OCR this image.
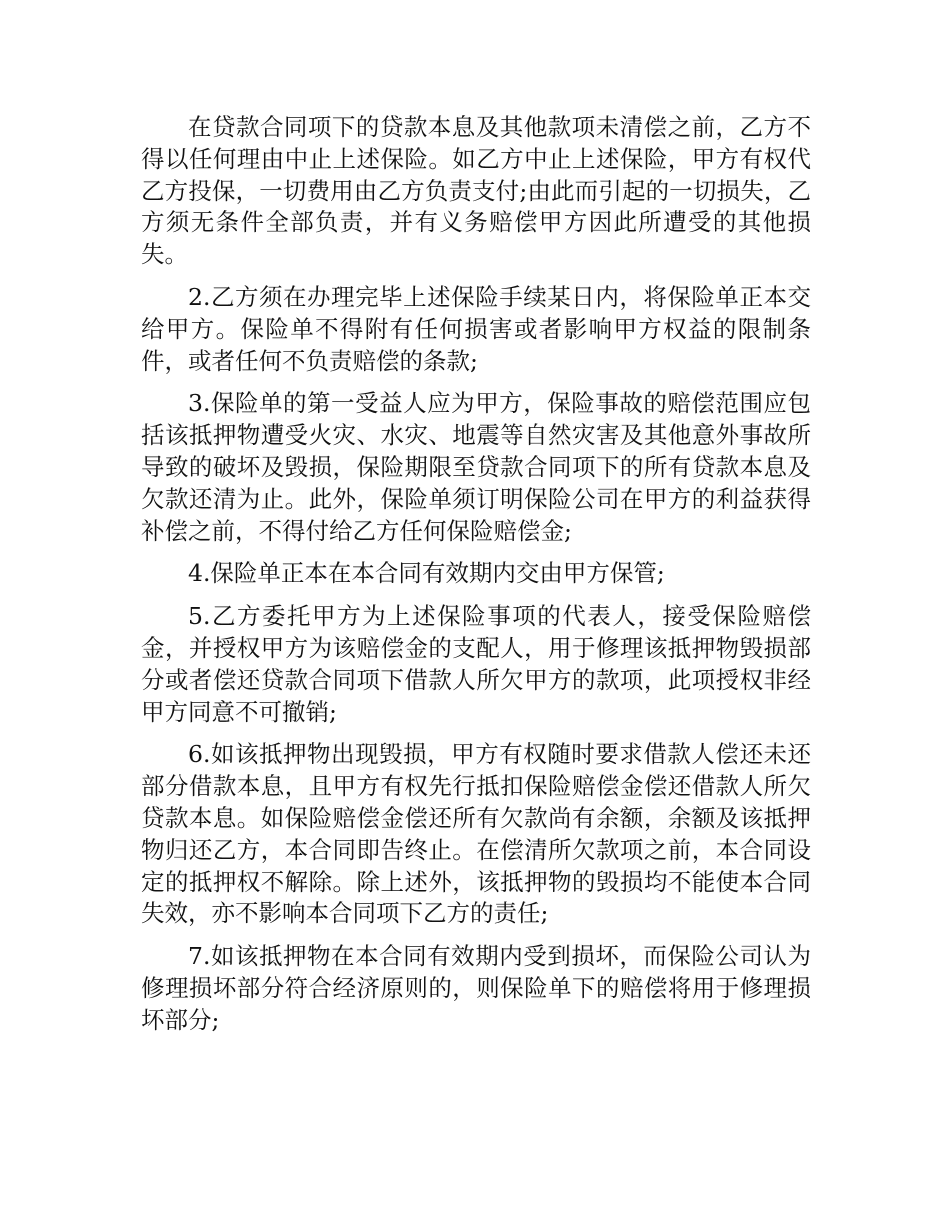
在贷款合同项下的贷款本息及其他款项未清偿之前，乙方不得以任何理由中止上述保险。如乙方中止上述保险，甲方有权代乙方投保，一切费用由乙方负责支付;由此而引起的一切损失，乙方须无条件全部负责，并有义务赔偿甲方因此所遭受的其他损失。

2.乙方须在办理完毕上述保险手续某日内，将保险单正本交给甲方。保险单不得附有任何损害或者影响甲方权益的限制条件，或者任何不负责赔偿的条款;

3.保险单的第一受益人应为甲方，保险事故的赔偿范围应包括该抵押物遭受火灾、水灾、地震等自然灾害及其他意外事故所导致的破坏及毁损，保险期限至贷款合同项下的所有贷款本息及欠款还清为止。此外，保险单须订明保险公司在甲方的利益获得补偿之前，不得付给乙方任何保险赔偿金;

4.保险单正本在本合同有效期内交由甲方保管;

5.乙方委托甲方为上述保险事项的代表人，接受保险赔偿金，并授权甲方为该赔偿金的支配人，用于修理该抵押物毁损部分或者偿还贷款合同项下借款人所欠甲方的款项，此项授权非经甲方同意不可撤销;

6.如该抵押物出现毁损，甲方有权随时要求借款人偿还未还部分借款本息，且甲方有权先行抵扣保险赔偿金偿还借款人所欠贷款本息。如保险赔偿金偿还所有欠款尚有余额，余额及该抵押物归还乙方，本合同即告终止。在偿清所欠款项之前，本合同设定的抵押权不解除。除上述外，该抵押物的毁损均不能使本合同失效，亦不影响本合同项下乙方的责任;

7.如该抵押物在本合同有效期内受到损坏，而保险公司认为修理损坏部分符合经济原则的，则保险单下的赔偿将用于修理损坏部分;
